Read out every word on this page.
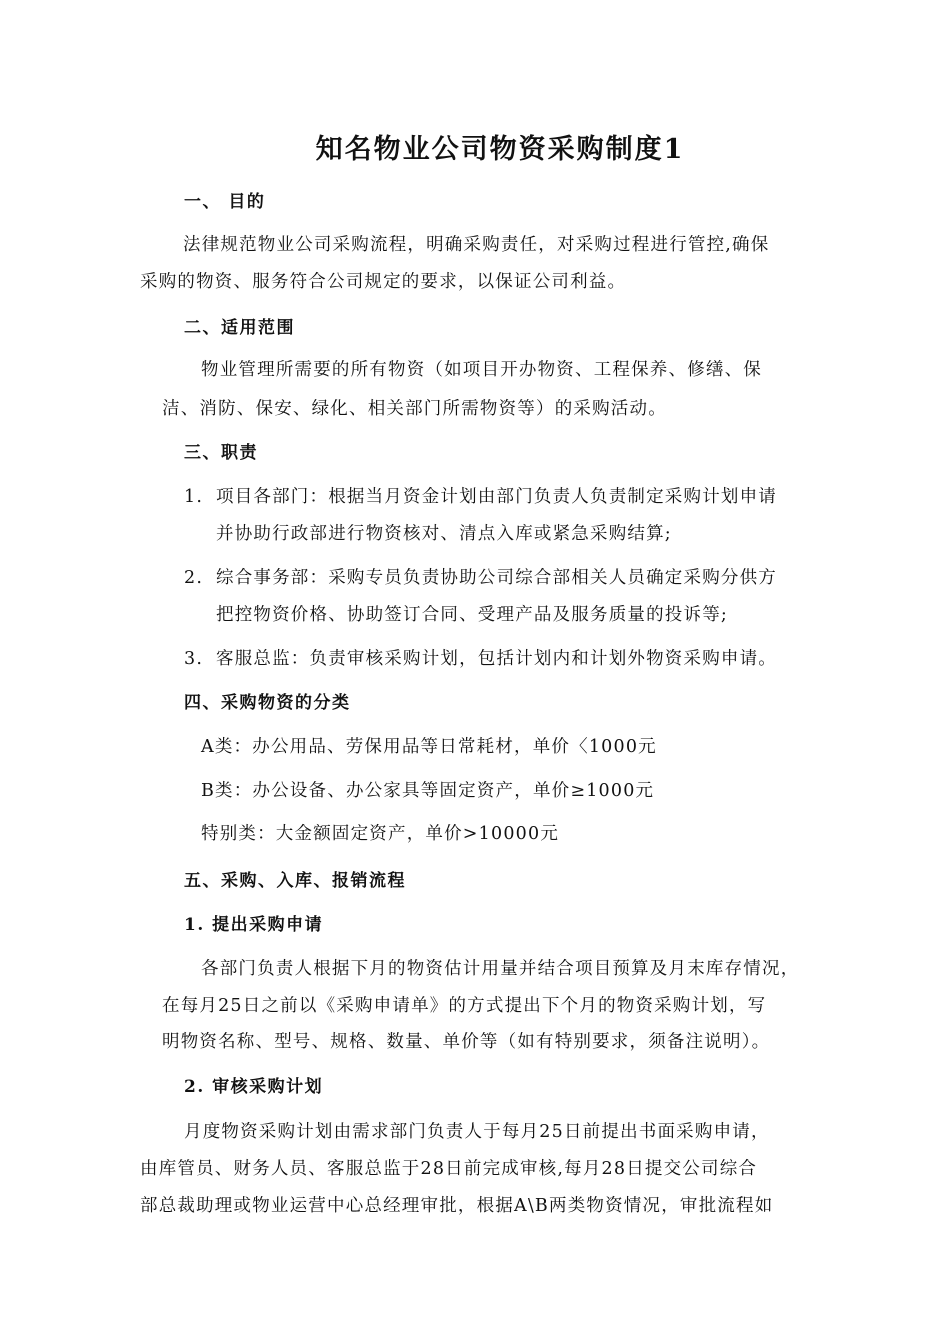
知名物业公司物资采购制度1
一、 目的
法律规范物业公司采购流程，明确采购责任，对采购过程进行管控,确保
采购的物资、服务符合公司规定的要求，以保证公司利益。
二、适用范围
物业管理所需要的所有物资（如项目开办物资、工程保养、修缮、保
洁、消防、保安、绿化、相关部门所需物资等）的采购活动。
三、职责
1. 项目各部门：根据当月资金计划由部门负责人负责制定采购计划申请
并协助行政部进行物资核对、清点入库或紧急采购结算;
2. 综合事务部：采购专员负责协助公司综合部相关人员确定采购分供方
把控物资价格、协助签订合同、受理产品及服务质量的投诉等;
3. 客服总监：负责审核采购计划，包括计划内和计划外物资采购申请。
四、采购物资的分类
A类：办公用品、劳保用品等日常耗材，单价〈1000元
B类：办公设备、办公家具等固定资产，单价≥1000元
特别类：大金额固定资产，单价>10000元
五、采购、入库、报销流程
1. 提出采购申请
各部门负责人根据下月的物资估计用量并结合项目预算及月末库存情况，
在每月25日之前以《采购申请单》的方式提出下个月的物资采购计划，写
明物资名称、型号、规格、数量、单价等（如有特别要求，须备注说明）。
2. 审核采购计划
月度物资采购计划由需求部门负责人于每月25日前提出书面采购申请，
由库管员、财务人员、客服总监于28日前完成审核,每月28日提交公司综合
部总裁助理或物业运营中心总经理审批，根据A\B两类物资情况，审批流程如
